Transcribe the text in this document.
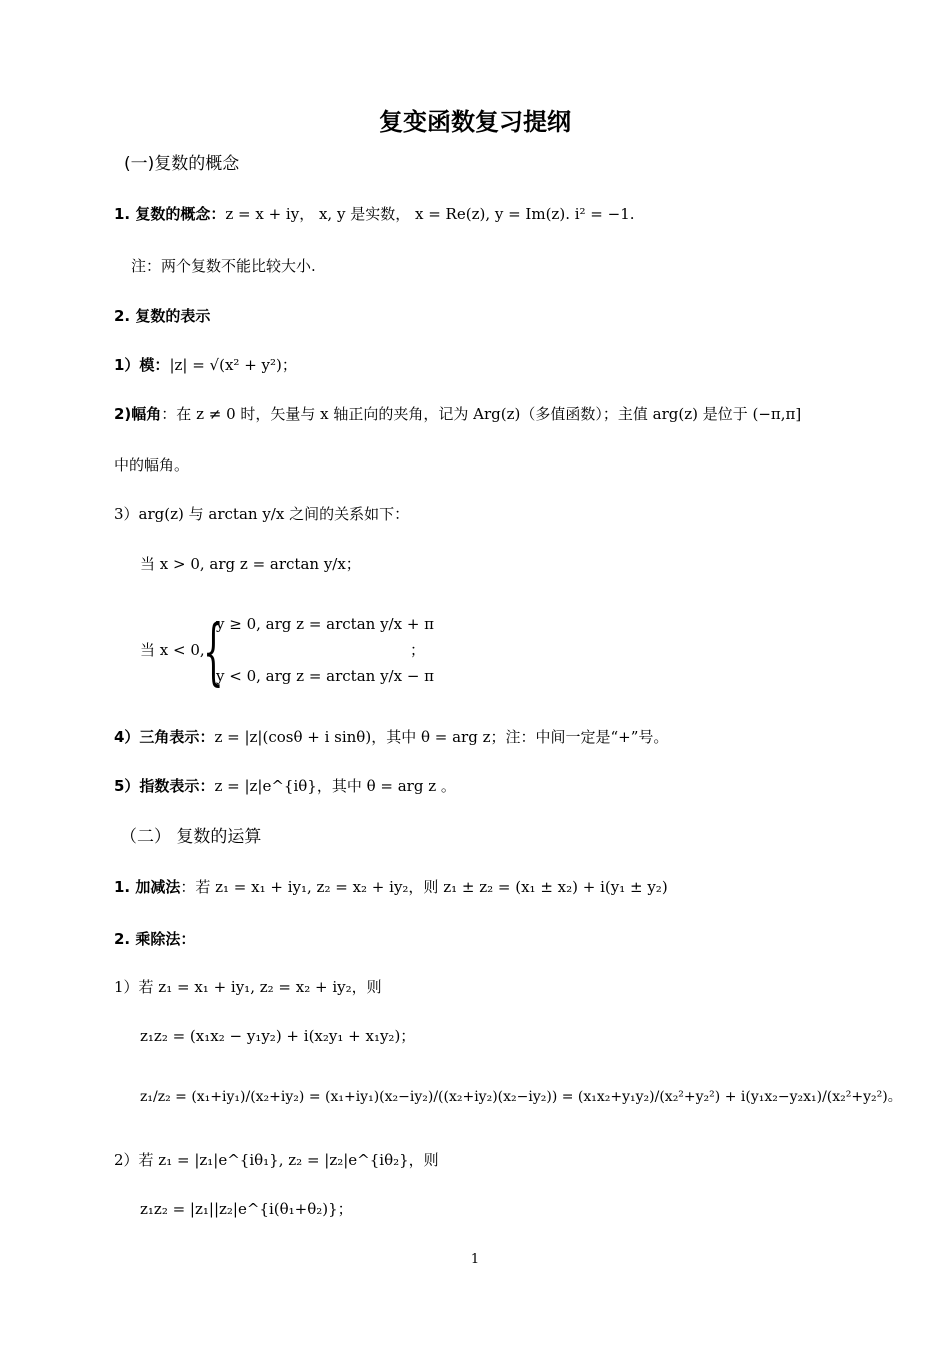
复变函数复习提纲
(一)复数的概念
1. 复数的概念：z = x + iy， x, y 是实数， x = Re(z), y = Im(z). i² = −1.
注：两个复数不能比较大小.
2. 复数的表示
1）模：|z| = √(x² + y²)；
2)幅角：在 z ≠ 0 时，矢量与 x 轴正向的夹角，记为 Arg(z)（多值函数）；主值 arg(z) 是位于 (−π,π]
中的幅角。
3）arg(z) 与 arctan y/x 之间的关系如下：
当 x > 0, arg z = arctan y/x；
当 x < 0,
{
y ≥ 0, arg z = arctan y/x + π
y < 0, arg z = arctan y/x − π
；
4）三角表示：z = |z|(cosθ + i sinθ)，其中 θ = arg z；注：中间一定是“+”号。
5）指数表示：z = |z|e^{iθ}，其中 θ = arg z 。
（二） 复数的运算
1. 加减法：若 z₁ = x₁ + iy₁, z₂ = x₂ + iy₂，则 z₁ ± z₂ = (x₁ ± x₂) + i(y₁ ± y₂)
2. 乘除法：
1）若 z₁ = x₁ + iy₁, z₂ = x₂ + iy₂，则
z₁z₂ = (x₁x₂ − y₁y₂) + i(x₂y₁ + x₁y₂)；
z₁/z₂ = (x₁+iy₁)/(x₂+iy₂) = (x₁+iy₁)(x₂−iy₂)/((x₂+iy₂)(x₂−iy₂)) = (x₁x₂+y₁y₂)/(x₂²+y₂²) + i(y₁x₂−y₂x₁)/(x₂²+y₂²)。
2）若 z₁ = |z₁|e^{iθ₁}, z₂ = |z₂|e^{iθ₂}，则
z₁z₂ = |z₁||z₂|e^{i(θ₁+θ₂)}；
1
